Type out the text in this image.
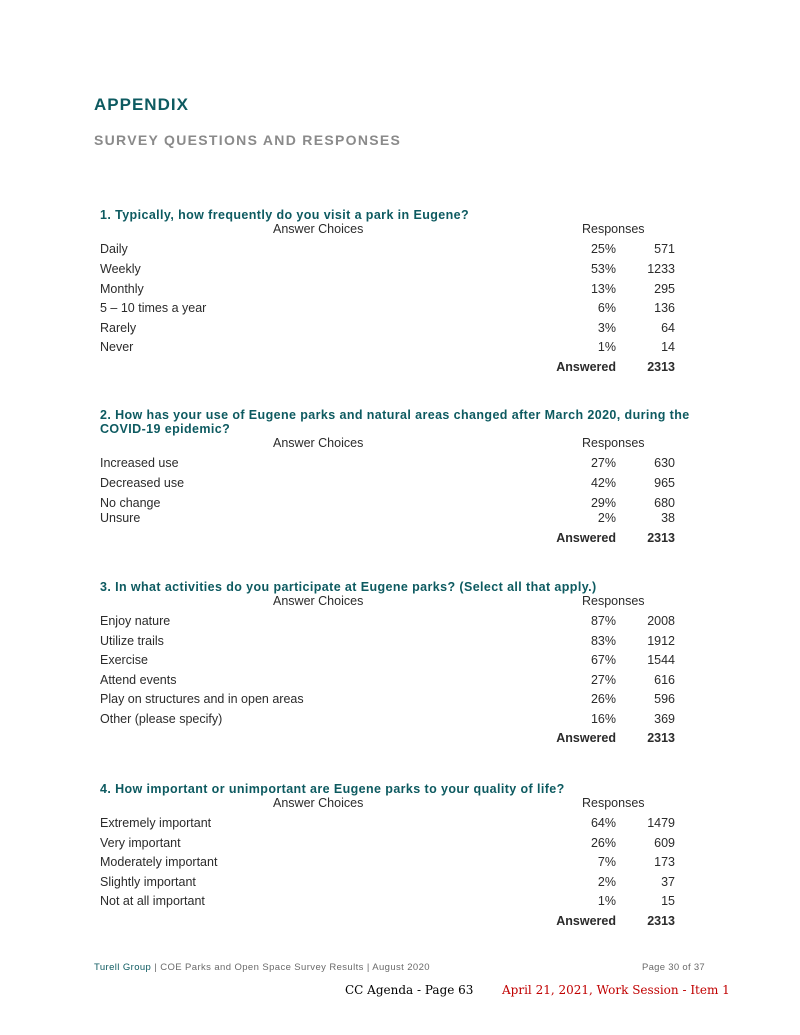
APPENDIX
SURVEY QUESTIONS AND RESPONSES
1. Typically, how frequently do you visit a park in Eugene?
Answer Choices	Responses
Daily	25%	571
Weekly	53% 1233
Monthly	13%	295
5 – 10 times a year	6%	136
Rarely	3%	64
Never	1%	14
Answered 2313
2. How has your use of Eugene parks and natural areas changed after March 2020, during the COVID-19 epidemic?
Answer Choices	Responses
Increased use	27%	630
Decreased use	42%	965
No change	29%	680
Unsure	2%	38
Answered 2313
3. In what activities do you participate at Eugene parks? (Select all that apply.)
Answer Choices	Responses
Enjoy nature	87% 2008
Utilize trails	83% 1912
Exercise	67% 1544
Attend events	27%	616
Play on structures and in open areas	26%	596
Other (please specify)	16%	369
Answered 2313
4. How important or unimportant are Eugene parks to your quality of life?
Answer Choices	Responses
Extremely important	64% 1479
Very important	26%	609
Moderately important	7%	173
Slightly important	2%	37
Not at all important	1%	15
Answered 2313
Turell Group | COE Parks and Open Space Survey Results | August 2020	Page 30 of 37
CC Agenda - Page 63 April 21, 2021, Work Session - Item 1
